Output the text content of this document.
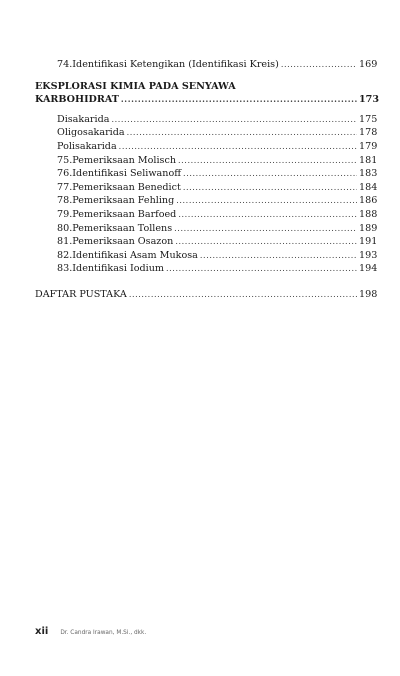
74. Identifikasi Ketengikan (Identifikasi Kreis) .....	169
EKSPLORASI KIMIA PADA SENYAWA
KARBOHIDRAT .....	173
Disakarida .....	175
Oligosakarida .....	178
Polisakarida .....	179
75. Pemeriksaan Molisch .....	181
76. Identifikasi Seliwanoff .....	183
77. Pemeriksaan Benedict .....	184
78. Pemeriksaan Fehling .....	186
79. Pemeriksaan Barfoed .....	188
80. Pemeriksaan Tollens .....	189
81. Pemeriksaan Osazon .....	191
82. Identifikasi Asam Mukosa .....	193
83. Identifikasi Iodium .....	194
DAFTAR PUSTAKA .....	198
xii Dr. Candra Irawan, M.Si., dkk.
